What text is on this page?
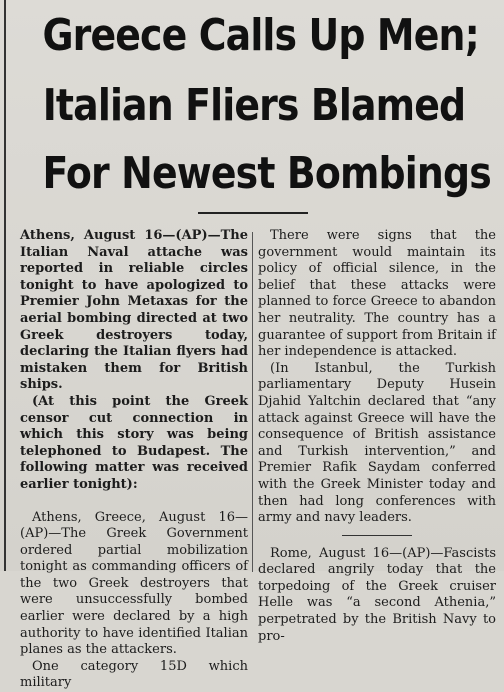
Greece Calls Up Men;
Italian Fliers Blamed
For Newest Bombings

Athens, August 16—(AP)—The Italian Naval attache was reported in reliable circles tonight to have apologized to Premier John Metaxas for the aerial bombing directed at two Greek destroyers today, declaring the Italian flyers had mistaken them for British ships.

(At this point the Greek censor cut connection in which this story was being telephoned to Budapest. The following matter was received earlier tonight):

Athens, Greece, August 16—(AP)—The Greek Government ordered partial mobilization tonight as commanding officers of the two Greek destroyers that were unsuccessfully bombed earlier were declared by a high authority to have identified Italian planes as the attackers.

One category 15D which military

There were signs that the government would maintain its policy of official silence, in the belief that these attacks were planned to force Greece to abandon her neutrality. The country has a guarantee of support from Britain if her independence is attacked.

(In Istanbul, the Turkish parliamentary Deputy Husein Djahid Yaltchin declared that “any attack against Greece will have the consequence of British assistance and Turkish intervention,” and Premier Rafik Saydam conferred with the Greek Minister today and then had long conferences with army and navy leaders.

Rome, August 16—(AP)—Fascists declared angrily today that the torpedoing of the Greek cruiser Helle was “a second Athenia,” perpetrated by the British Navy to pro-
